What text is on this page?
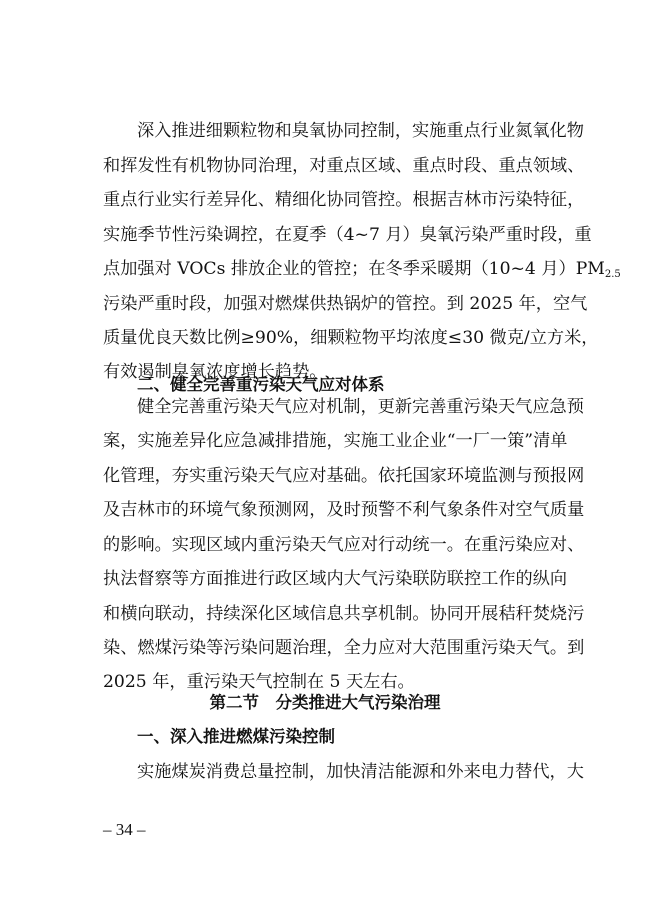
深入推进细颗粒物和臭氧协同控制，实施重点行业氮氧化物
和挥发性有机物协同治理，对重点区域、重点时段、重点领域、
重点行业实行差异化、精细化协同管控。根据吉林市污染特征，
实施季节性污染调控，在夏季（4~7 月）臭氧污染严重时段，重
点加强对 VOCs 排放企业的管控；在冬季采暖期（10~4 月）$PM_{2.5}$
污染严重时段，加强对燃煤供热锅炉的管控。到 2025 年，空气
质量优良天数比例≥90%，细颗粒物平均浓度≤30 微克/立方米，
有效遏制臭氧浓度增长趋势。
二、健全完善重污染天气应对体系
健全完善重污染天气应对机制，更新完善重污染天气应急预
案，实施差异化应急减排措施，实施工业企业“一厂一策”清单
化管理，夯实重污染天气应对基础。依托国家环境监测与预报网
及吉林市的环境气象预测网，及时预警不利气象条件对空气质量
的影响。实现区域内重污染天气应对行动统一。在重污染应对、
执法督察等方面推进行政区域内大气污染联防联控工作的纵向
和横向联动，持续深化区域信息共享机制。协同开展秸秆焚烧污
染、燃煤污染等污染问题治理，全力应对大范围重污染天气。到
2025 年，重污染天气控制在 5 天左右。
第二节　分类推进大气污染治理
一、深入推进燃煤污染控制
实施煤炭消费总量控制，加快清洁能源和外来电力替代，大
– 34 –
